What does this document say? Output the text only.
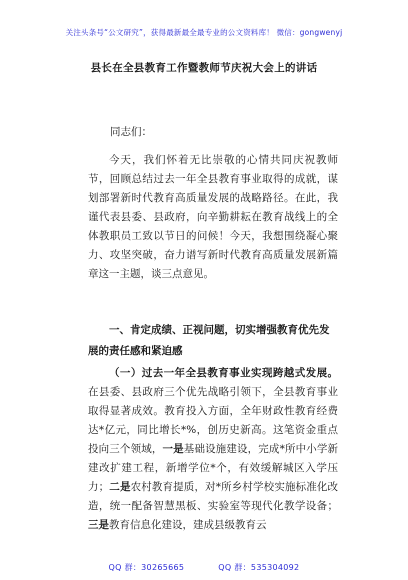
关注头条号“公文研究”，获得最新最全最专业的公文资料库！ 微信：gongwenyj
县长在全县教育工作暨教师节庆祝大会上的讲话
同志们：

今天，我们怀着无比崇敬的心情共同庆祝教师节，回顾总结过去一年全县教育事业取得的成就，谋划部署新时代教育高质量发展的战略路径。在此，我谨代表县委、县政府，向辛勤耕耘在教育战线上的全体教职员工致以节日的问候！今天，我想围绕凝心聚力、攻坚突破，奋力谱写新时代教育高质量发展新篇章这一主题，谈三点意见。

一、肯定成绩、正视问题，切实增强教育优先发展的责任感和紧迫感

（一）过去一年全县教育事业实现跨越式发展。在县委、县政府三个优先战略引领下，全县教育事业取得显著成效。教育投入方面，全年财政性教育经费达*亿元，同比增长*%，创历史新高。这笔资金重点投向三个领域，一是基础设施建设，完成*所中小学新建改扩建工程，新增学位*个，有效缓解城区入学压力；二是农村教育提质，对*所乡村学校实施标准化改造，统一配备智慧黑板、实验室等现代化教学设备；三是教育信息化建设，建成县级教育云

QQ 群：30265665	QQ 群：535304092
